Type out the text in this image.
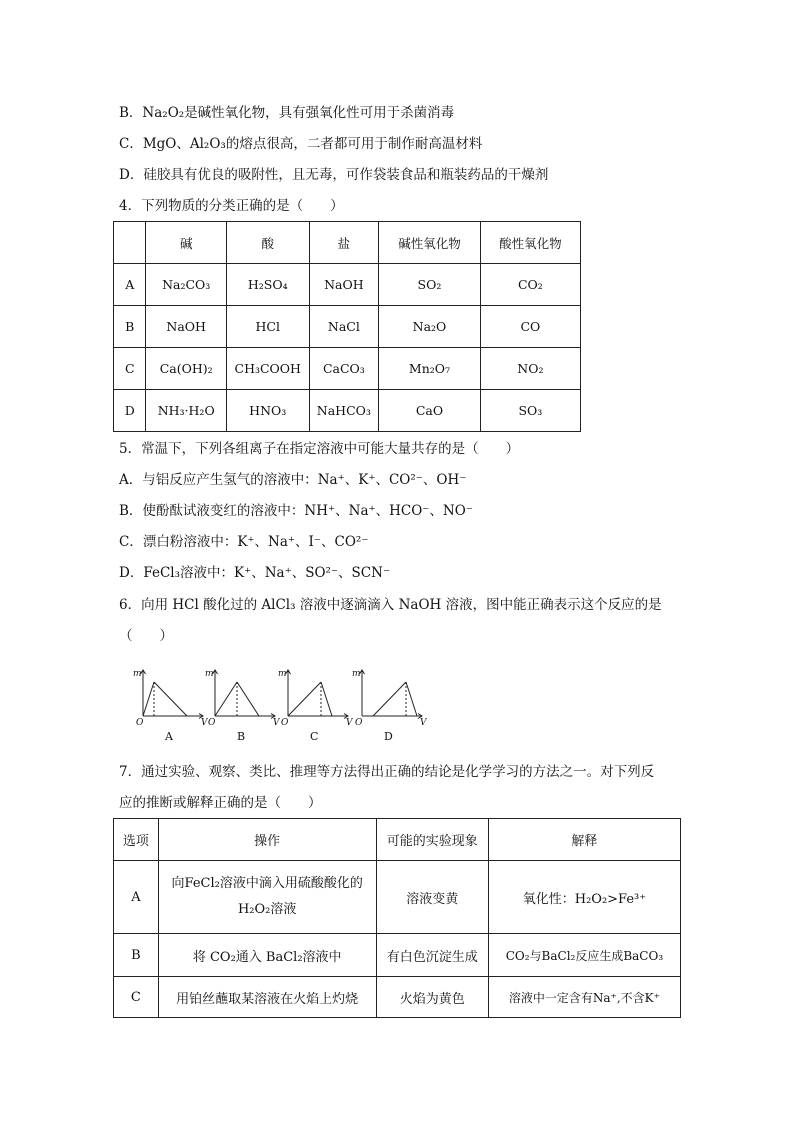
B．Na₂O₂是碱性氧化物，具有强氧化性可用于杀菌消毒
C．MgO、Al₂O₃的熔点很高，二者都可用于制作耐高温材料
D．硅胶具有优良的吸附性，且无毒，可作袋装食品和瓶装药品的干燥剂
4．下列物质的分类正确的是（　　）
	碱	酸	盐	碱性氧化物	酸性氧化物
A	Na₂CO₃	H₂SO₄	NaOH	SO₂	CO₂
B	NaOH	HCl	NaCl	Na₂O	CO
C	Ca(OH)₂	CH₃COOH	CaCO₃	Mn₂O₇	NO₂
D	NH₃·H₂O	HNO₃	NaHCO₃	CaO	SO₃
5．常温下，下列各组离子在指定溶液中可能大量共存的是（　　）
A．与铝反应产生氢气的溶液中：Na⁺、K⁺、CO²⁻、OH⁻
B．使酚酞试液变红的溶液中：NH⁺、Na⁺、HCO⁻、NO⁻
C．漂白粉溶液中：K⁺、Na⁺、I⁻、CO²⁻
D．FeCl₃溶液中：K⁺、Na⁺、SO²⁻、SCN⁻
6．向用 HCl 酸化过的 AlCl₃ 溶液中逐滴滴入 NaOH 溶液，图中能正确表示这个反应的是
（　　）
m
V
O
A
m
V
O
B
m
V
O
C
m
V
O
D
7．通过实验、观察、类比、推理等方法得出正确的结论是化学学习的方法之一。对下列反
应的推断或解释正确的是（　　）
选项	操作	可能的实验现象	解释
A	向FeCl₂溶液中滴入用硫酸酸化的H₂O₂溶液	溶液变黄	氧化性：H₂O₂>Fe³⁺
B	将 CO₂通入 BaCl₂溶液中	有白色沉淀生成	CO₂与BaCl₂反应生成BaCO₃
C	用铂丝蘸取某溶液在火焰上灼烧	火焰为黄色	溶液中一定含有Na⁺,不含K⁺
